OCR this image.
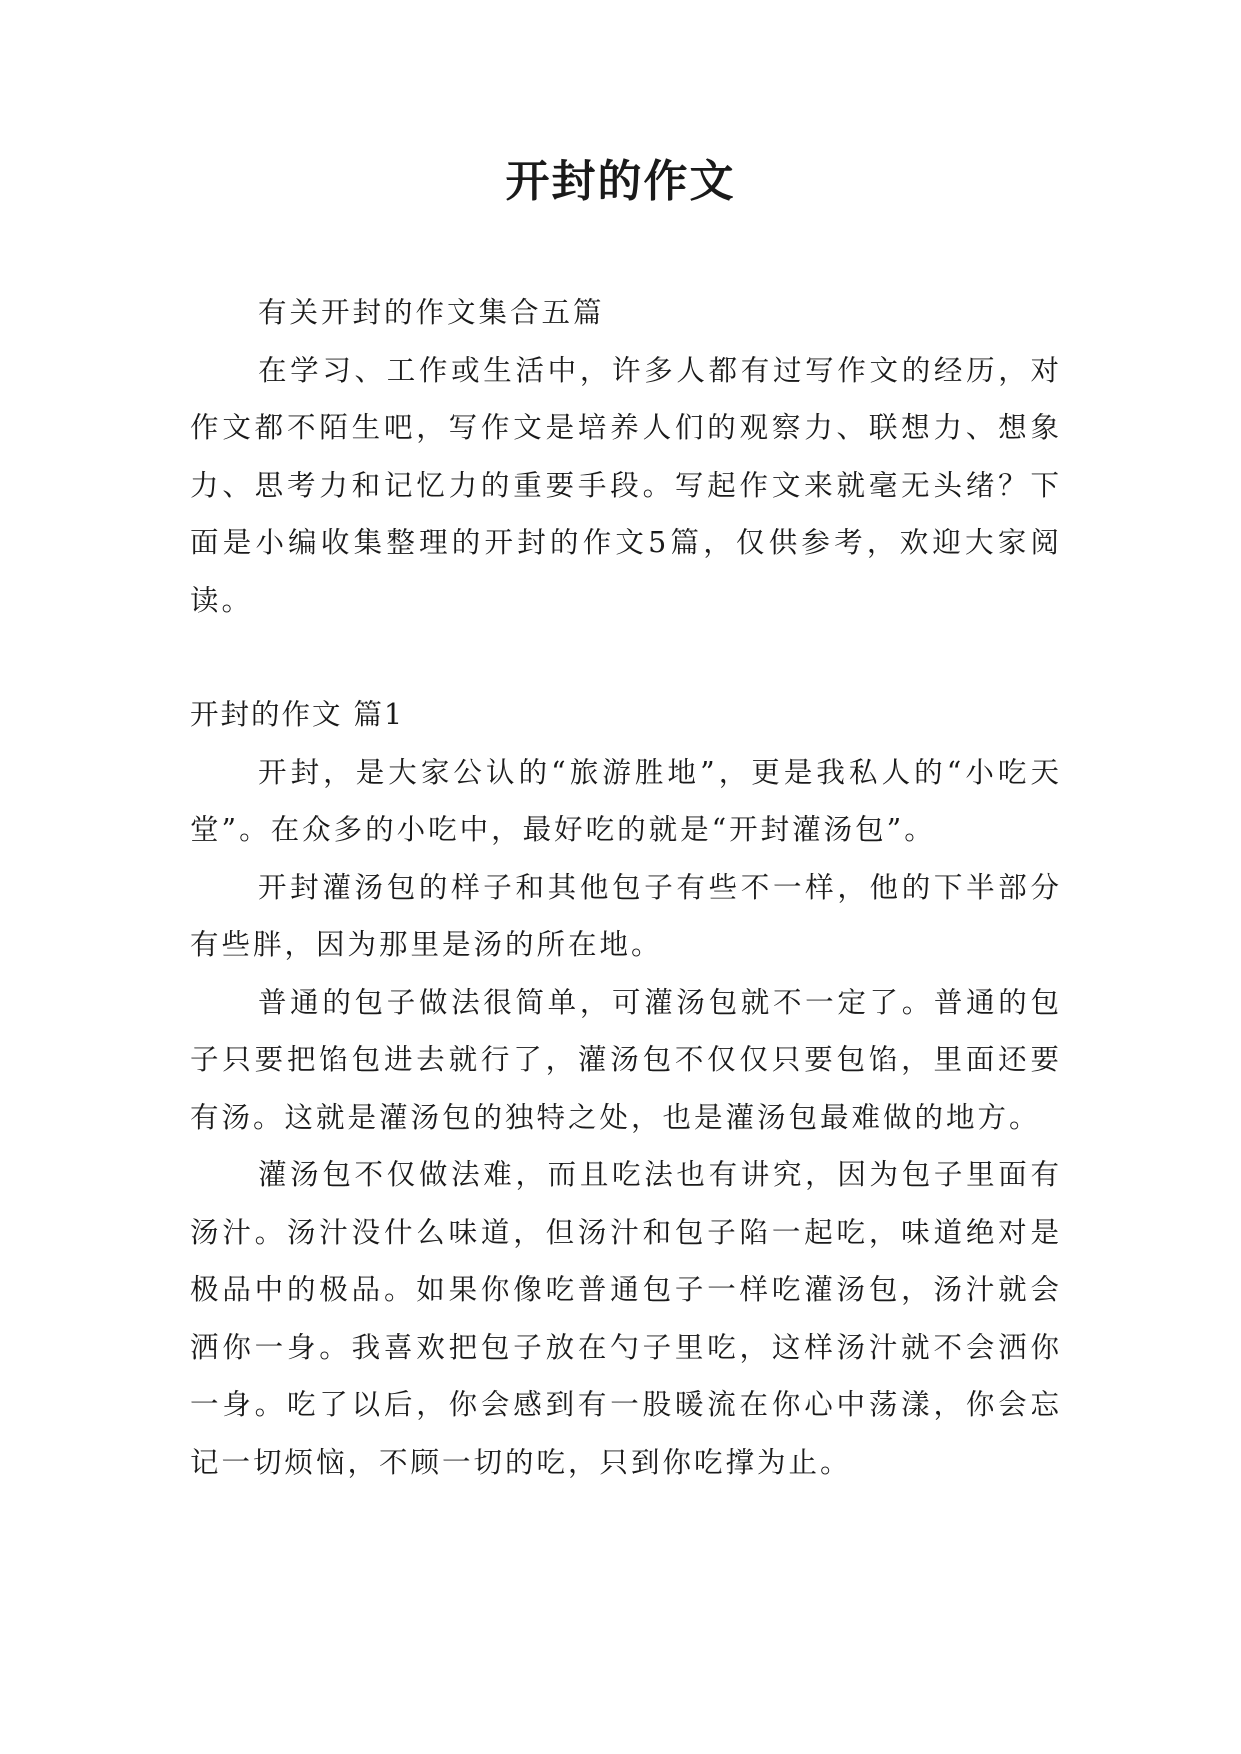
开封的作文

有关开封的作文集合五篇

在学习、工作或生活中，许多人都有过写作文的经历，对作文都不陌生吧，写作文是培养人们的观察力、联想力、想象力、思考力和记忆力的重要手段。写起作文来就毫无头绪？下面是小编收集整理的开封的作文5篇，仅供参考，欢迎大家阅读。

开封的作文 篇1

开封，是大家公认的“旅游胜地”，更是我私人的“小吃天堂”。在众多的小吃中，最好吃的就是“开封灌汤包”。

开封灌汤包的样子和其他包子有些不一样，他的下半部分有些胖，因为那里是汤的所在地。

普通的包子做法很简单，可灌汤包就不一定了。普通的包子只要把馅包进去就行了，灌汤包不仅仅只要包馅，里面还要有汤。这就是灌汤包的独特之处，也是灌汤包最难做的地方。

灌汤包不仅做法难，而且吃法也有讲究，因为包子里面有汤汁。汤汁没什么味道，但汤汁和包子陷一起吃，味道绝对是极品中的极品。如果你像吃普通包子一样吃灌汤包，汤汁就会洒你一身。我喜欢把包子放在勺子里吃，这样汤汁就不会洒你一身。吃了以后，你会感到有一股暖流在你心中荡漾，你会忘记一切烦恼，不顾一切的吃，只到你吃撑为止。
